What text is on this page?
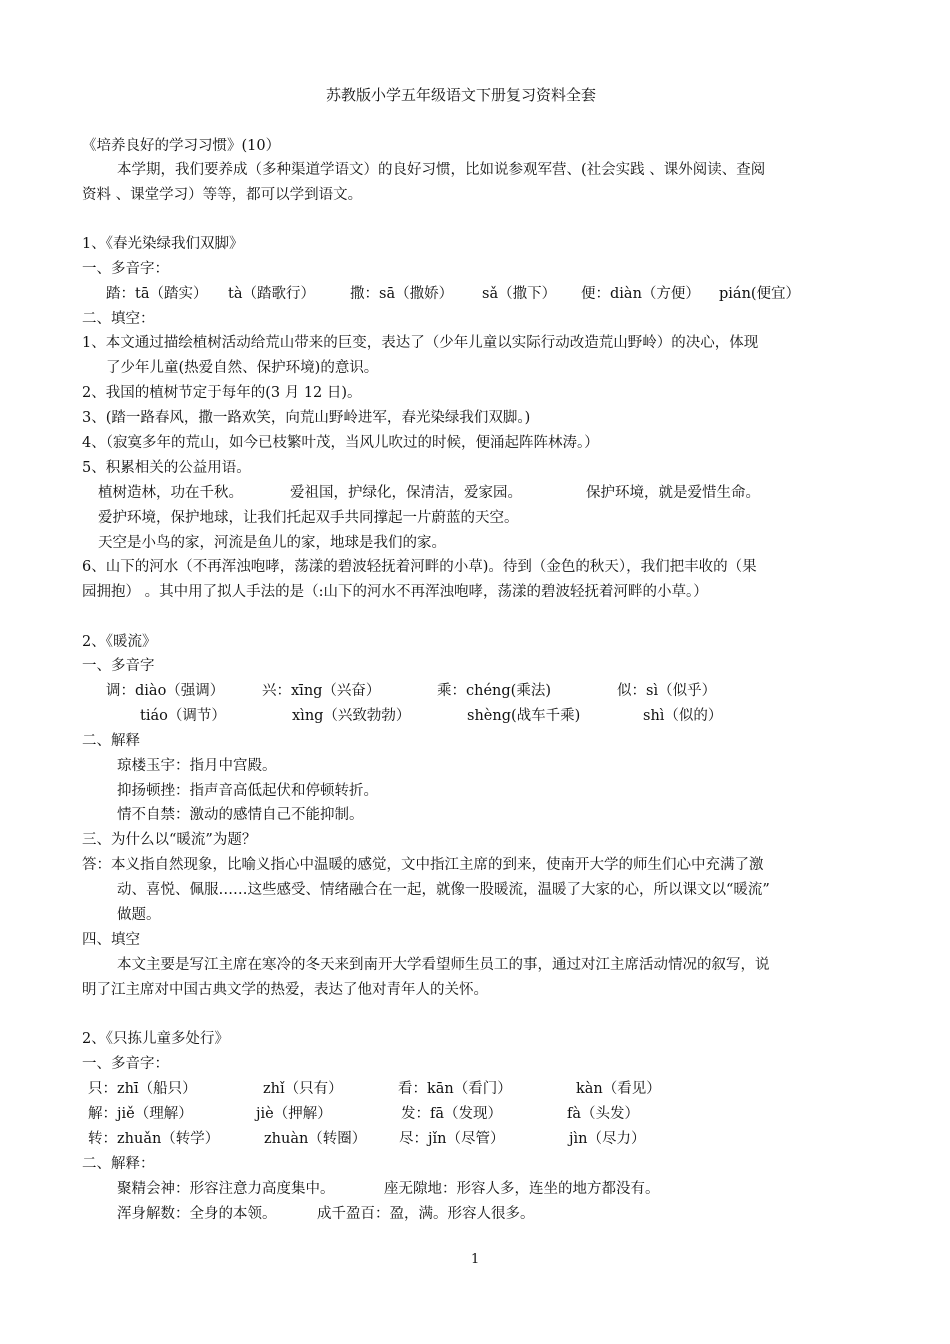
苏教版小学五年级语文下册复习资料全套
《培养良好的学习习惯》(10）
本学期，我们要养成（多种渠道学语文）的良好习惯，比如说参观军营、(社会实践 、课外阅读、查阅
资料 、课堂学习）等等，都可以学到语文。
1、《春光染绿我们双脚》
一、多音字：
踏：tā（踏实） tà（踏歌行） 撒：sā（撒娇） sǎ（撒下） 便：diàn（方便） pián(便宜）
二、填空：
1、本文通过描绘植树活动给荒山带来的巨变，表达了（少年儿童以实际行动改造荒山野岭）的决心，体现
了少年儿童(热爱自然、保护环境)的意识。
2、我国的植树节定于每年的(3 月 12 日)。
3、(踏一路春风，撒一路欢笑，向荒山野岭进军，春光染绿我们双脚。)
4、（寂寞多年的荒山，如今已枝繁叶茂，当风儿吹过的时候，便涌起阵阵林涛。）
5、积累相关的公益用语。
植树造林，功在千秋。	爱祖国，护绿化，保清洁，爱家园。	保护环境，就是爱惜生命。
爱护环境，保护地球，让我们托起双手共同撑起一片蔚蓝的天空。
天空是小鸟的家，河流是鱼儿的家，地球是我们的家。
6、山下的河水（不再浑浊咆哮，荡漾的碧波轻抚着河畔的小草)。待到（金色的秋天），我们把丰收的（果
园拥抱） 。其中用了拟人手法的是（:山下的河水不再浑浊咆哮，荡漾的碧波轻抚着河畔的小草。）
2、《暖流》
一、多音字
调：diào（强调）	兴：xīng（兴奋）	乘：chéng(乘法)	似：sì（似乎）
tiáo（调节）	xìng（兴致勃勃）	shèng(战车千乘)	shì（似的）
二、解释
琼楼玉宇：指月中宫殿。
抑扬顿挫：指声音高低起伏和停顿转折。
情不自禁：激动的感情自己不能抑制。
三、为什么以“暖流”为题？
答：本义指自然现象，比喻义指心中温暖的感觉，文中指江主席的到来，使南开大学的师生们心中充满了激
动、喜悦、佩服……这些感受、情绪融合在一起，就像一股暖流，温暖了大家的心，所以课文以“暖流”
做题。
四、填空
本文主要是写江主席在寒冷的冬天来到南开大学看望师生员工的事，通过对江主席活动情况的叙写，说
明了江主席对中国古典文学的热爱，表达了他对青年人的关怀。
2、《只拣儿童多处行》
一、多音字：
只：zhī（船只）	zhǐ（只有）	看：kān（看门）	kàn（看见）
解：jiě（理解）	jiè（押解）	发：fā（发现）	fà（头发）
转：zhuǎn（转学）	zhuàn（转圈） 尽：jǐn（尽管）	jìn（尽力）
二、解释：
聚精会神：形容注意力高度集中。	座无隙地：形容人多，连坐的地方都没有。
浑身解数：全身的本领。	成千盈百：盈，满。形容人很多。
1
